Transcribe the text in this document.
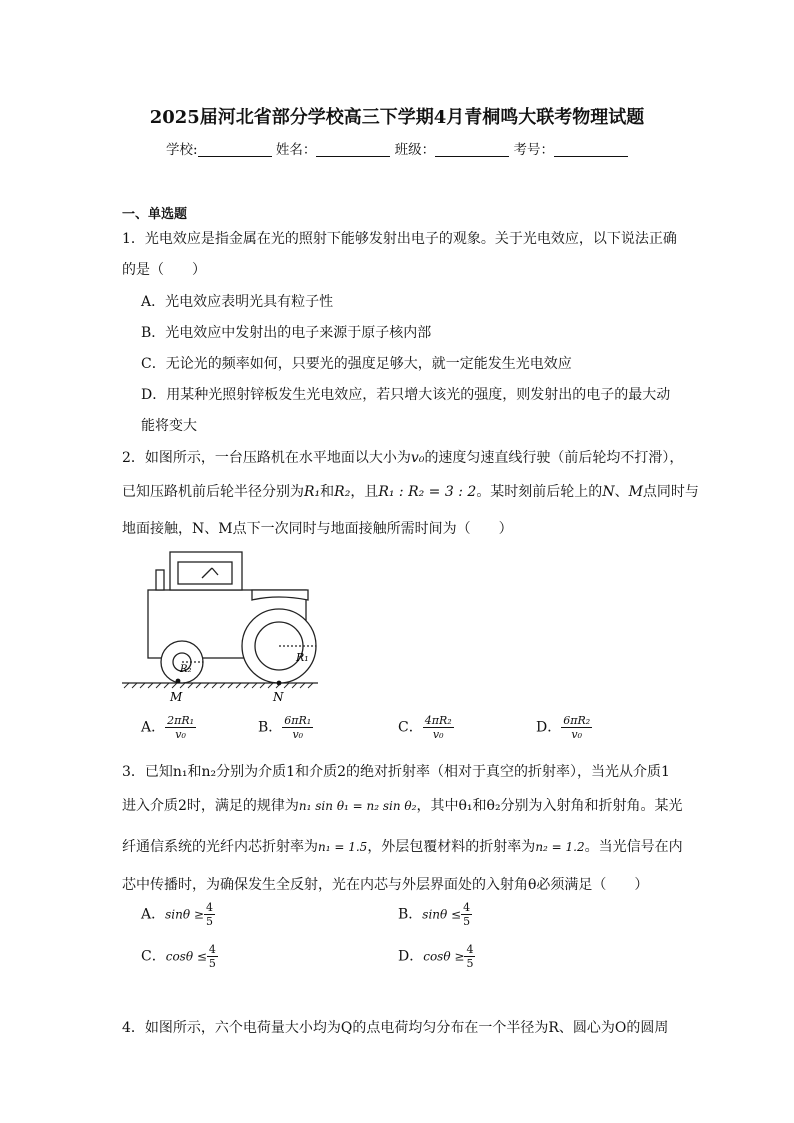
2025届河北省部分学校高三下学期4月青桐鸣大联考物理试题
学校:	姓名：	班级：	考号：
一、单选题
1．光电效应是指金属在光的照射下能够发射出电子的观象。关于光电效应，以下说法正确
的是（　　）
A．光电效应表明光具有粒子性
B．光电效应中发射出的电子来源于原子核内部
C．无论光的频率如何，只要光的强度足够大，就一定能发生光电效应
D．用某种光照射锌板发生光电效应，若只增大该光的强度，则发射出的电子的最大动
能将变大
2．如图所示，一台压路机在水平地面以大小为v₀的速度匀速直线行驶（前后轮均不打滑），
已知压路机前后轮半径分别为R₁和R₂，且R₁ : R₂ = 3 : 2。某时刻前后轮上的N、M点同时与
地面接触，N、M点下一次同时与地面接触所需时间为（　　）
R₁
R₂
M	N
A． $\frac{\text{2πR₁}}{\text{v₀}}$	B． $\frac{\text{6πR₁}}{\text{v₀}}$	C． $\frac{\text{4πR₂}}{\text{v₀}}$	D． $\frac{\text{6πR₂}}{\text{v₀}}$
3．已知n₁和n₂分别为介质1和介质2的绝对折射率（相对于真空的折射率），当光从介质1
进入介质2时，满足的规律为n₁ sin θ₁ = n₂ sin θ₂，其中θ₁和θ₂分别为入射角和折射角。某光
纤通信系统的光纤内芯折射率为n₁ = 1.5，外层包覆材料的折射率为n₂ = 1.2。当光信号在内
芯中传播时，为确保发生全反射，光在内芯与外层界面处的入射角θ必须满足（　　）
A．$\sin\theta \ge \frac{4}{5}$	B．$\sin\theta \le \frac{4}{5}$
C．$\cos\theta \le \frac{4}{5}$	D．$\cos\theta \ge \frac{4}{5}$
4．如图所示，六个电荷量大小均为Q的点电荷均匀分布在一个半径为R、圆心为O的圆周
